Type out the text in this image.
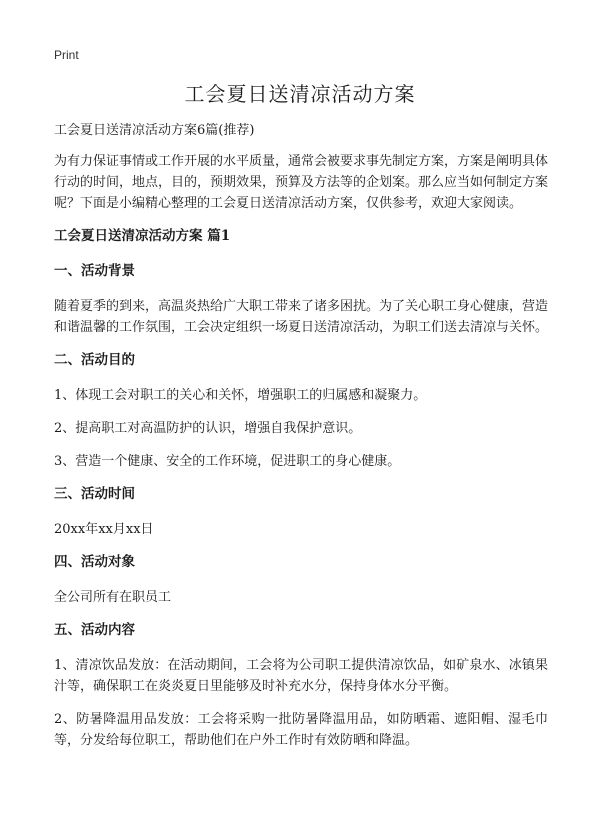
Print
工会夏日送清凉活动方案

工会夏日送清凉活动方案6篇(推荐)

为有力保证事情或工作开展的水平质量，通常会被要求事先制定方案，方案是阐明具体行动的时间，地点，目的，预期效果，预算及方法等的企划案。那么应当如何制定方案呢？下面是小编精心整理的工会夏日送清凉活动方案，仅供参考，欢迎大家阅读。

工会夏日送清凉活动方案 篇1

一、活动背景

随着夏季的到来，高温炎热给广大职工带来了诸多困扰。为了关心职工身心健康，营造和谐温馨的工作氛围，工会决定组织一场夏日送清凉活动，为职工们送去清凉与关怀。

二、活动目的

1、体现工会对职工的关心和关怀，增强职工的归属感和凝聚力。

2、提高职工对高温防护的认识，增强自我保护意识。

3、营造一个健康、安全的工作环境，促进职工的身心健康。

三、活动时间

20xx年xx月xx日

四、活动对象

全公司所有在职员工

五、活动内容

1、清凉饮品发放：在活动期间，工会将为公司职工提供清凉饮品，如矿泉水、冰镇果汁等，确保职工在炎炎夏日里能够及时补充水分，保持身体水分平衡。

2、防暑降温用品发放：工会将采购一批防暑降温用品，如防晒霜、遮阳帽、湿毛巾等，分发给每位职工，帮助他们在户外工作时有效防晒和降温。
